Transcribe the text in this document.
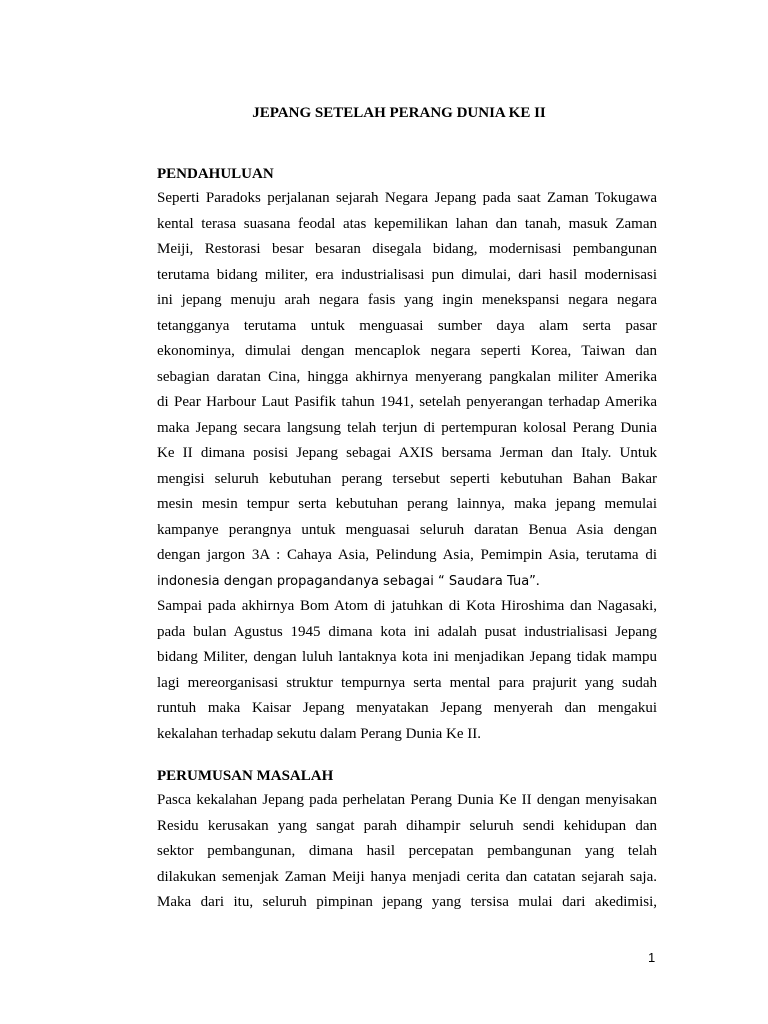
JEPANG SETELAH PERANG DUNIA KE II

PENDAHULUAN

Seperti Paradoks perjalanan sejarah Negara Jepang pada saat Zaman Tokugawa
kental terasa suasana feodal atas kepemilikan lahan dan tanah, masuk Zaman
Meiji, Restorasi besar besaran disegala bidang, modernisasi pembangunan
terutama bidang militer, era industrialisasi pun dimulai, dari hasil modernisasi
ini jepang menuju arah negara fasis yang ingin menekspansi negara negara
tetangganya terutama untuk menguasai sumber daya alam serta pasar
ekonominya, dimulai dengan mencaplok negara seperti Korea, Taiwan dan
sebagian daratan Cina, hingga akhirnya menyerang pangkalan militer Amerika
di Pear Harbour Laut Pasifik tahun 1941, setelah penyerangan terhadap Amerika
maka Jepang secara langsung telah terjun di pertempuran kolosal Perang Dunia
Ke II dimana posisi Jepang sebagai AXIS bersama Jerman dan Italy. Untuk
mengisi seluruh kebutuhan perang tersebut seperti kebutuhan Bahan Bakar
mesin mesin tempur serta kebutuhan perang lainnya, maka jepang memulai
kampanye perangnya untuk menguasai seluruh daratan Benua Asia dengan
dengan jargon 3A : Cahaya Asia, Pelindung Asia, Pemimpin Asia, terutama di
indonesia dengan propagandanya sebagai “ Saudara Tua”.
Sampai pada akhirnya Bom Atom di jatuhkan di Kota Hiroshima dan Nagasaki,
pada bulan Agustus 1945 dimana kota ini adalah pusat industrialisasi Jepang
bidang Militer, dengan luluh lantaknya kota ini menjadikan Jepang tidak mampu
lagi mereorganisasi struktur tempurnya serta mental para prajurit yang sudah
runtuh maka Kaisar Jepang menyatakan Jepang menyerah dan mengakui
kekalahan terhadap sekutu dalam Perang Dunia Ke II.

PERUMUSAN MASALAH

Pasca kekalahan Jepang pada perhelatan Perang Dunia Ke II dengan menyisakan
Residu kerusakan yang sangat parah dihampir seluruh sendi kehidupan dan
sektor pembangunan, dimana hasil percepatan pembangunan yang telah
dilakukan semenjak Zaman Meiji hanya menjadi cerita dan catatan sejarah saja.
Maka dari itu, seluruh pimpinan jepang yang tersisa mulai dari akedimisi,
1
